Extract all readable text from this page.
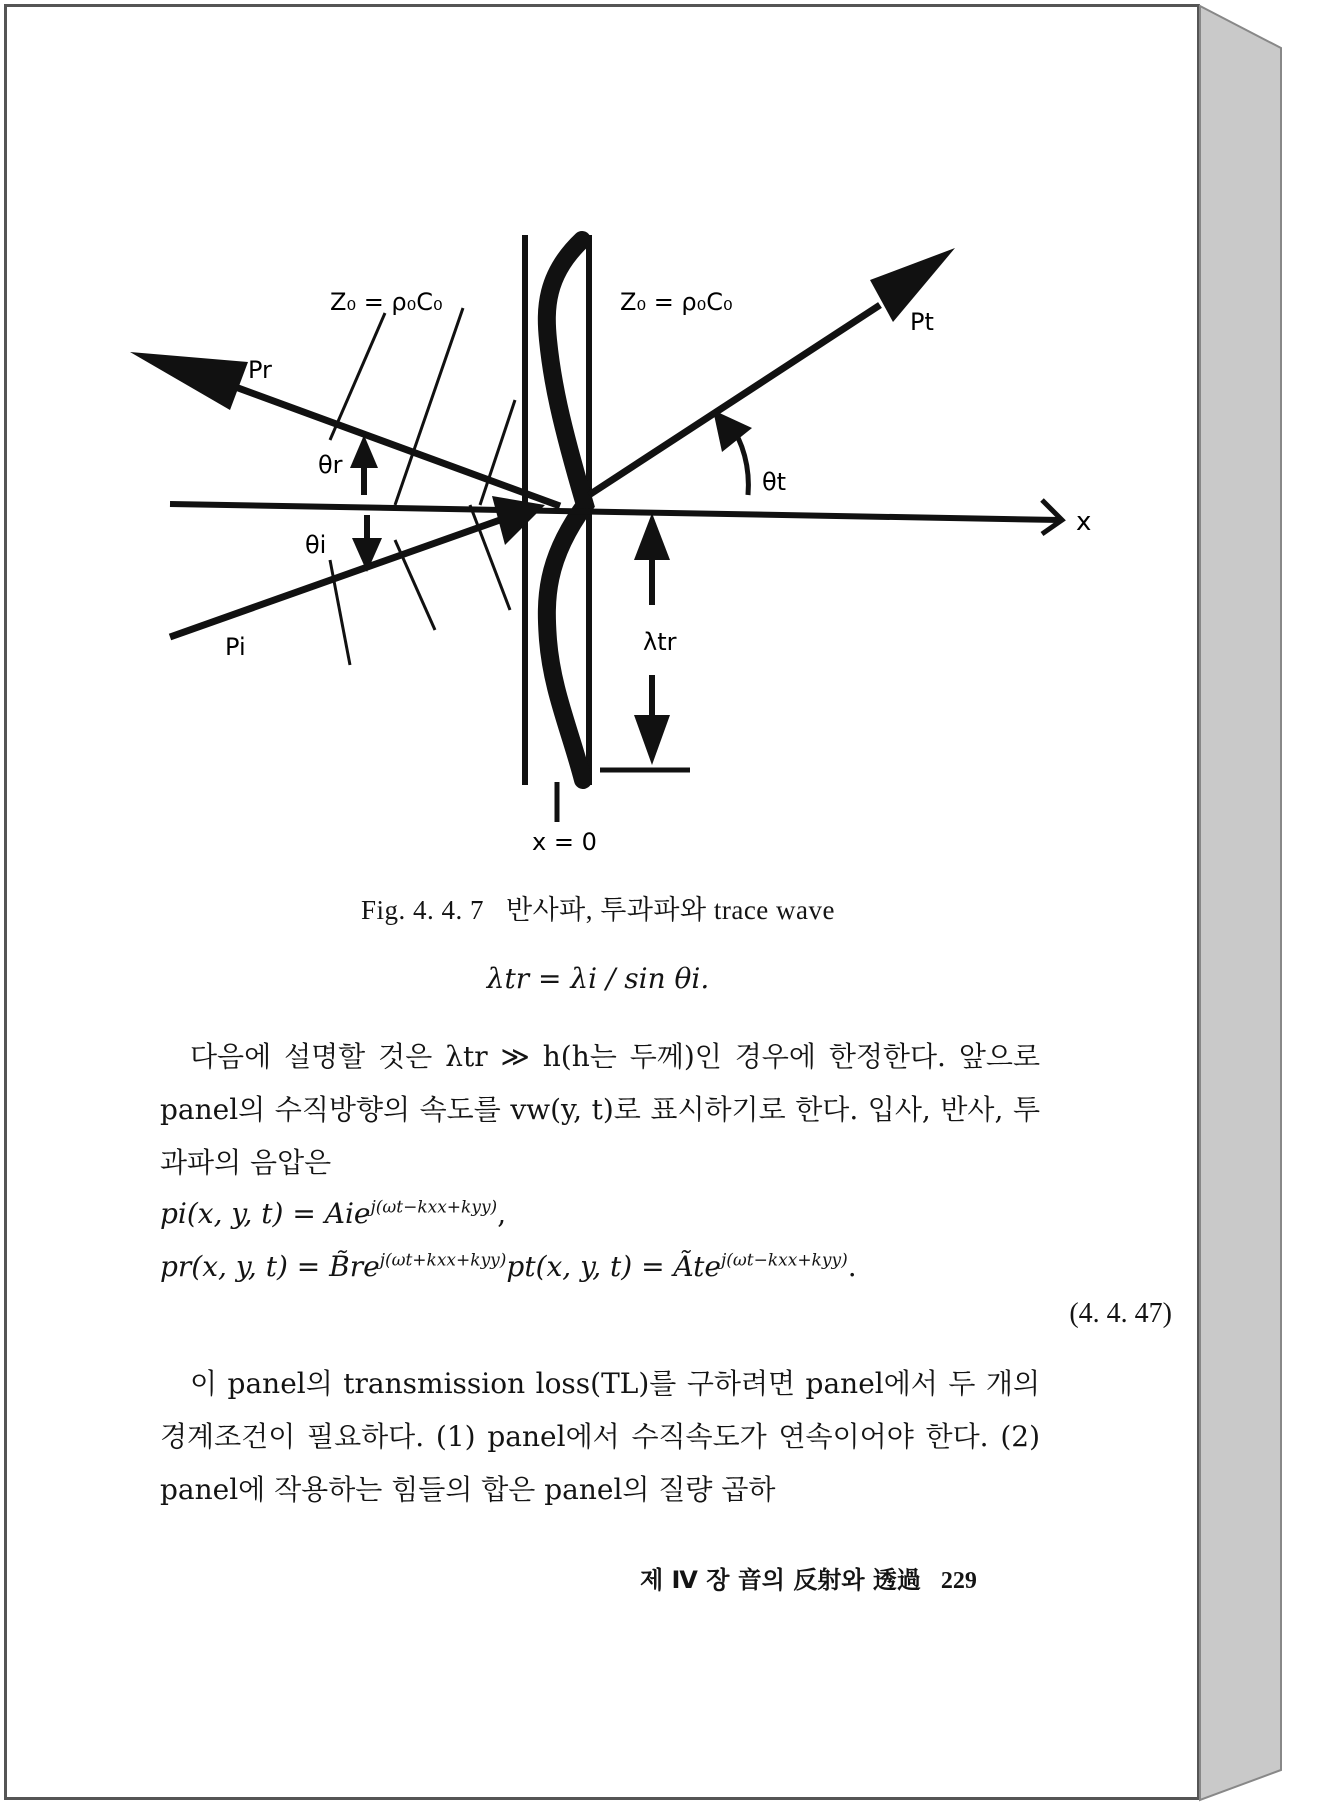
Z₀ = ρ₀C₀	Z₀ = ρ₀C₀
Pr
Pt
Pi
θr
θi
θt
λtr
x
x = 0
Fig. 4. 4. 7 반사파, 투과파와 trace wave
λtr = λi / sin θi.
다음에 설명할 것은 λtr ≫ h(h는 두께)인 경우에 한정한다. 앞으로 panel의 수직방향의 속도를 vw(y, t)로 표시하기로 한다. 입사, 반사, 투과파의 음압은
pi(x, y, t) = Aie$^{j(\omega t-kxx+kyy)}$,
pr(x, y, $t) = B̃re^{j(\omega t+kxx+kyy)}pt(x$, y, t) = Ãte$^{j(\omega t-kxx+kyy)}$.
(4. 4. 47)
이 panel의 transmission loss(TL)를 구하려면 panel에서 두 개의 경계조건이 필요하다. (1) panel에서 수직속도가 연속이어야 한다. (2) panel에 작용하는 힘들의 합은 panel의 질량 곱하
제 Ⅳ 장 音의 反射와 透過 229
